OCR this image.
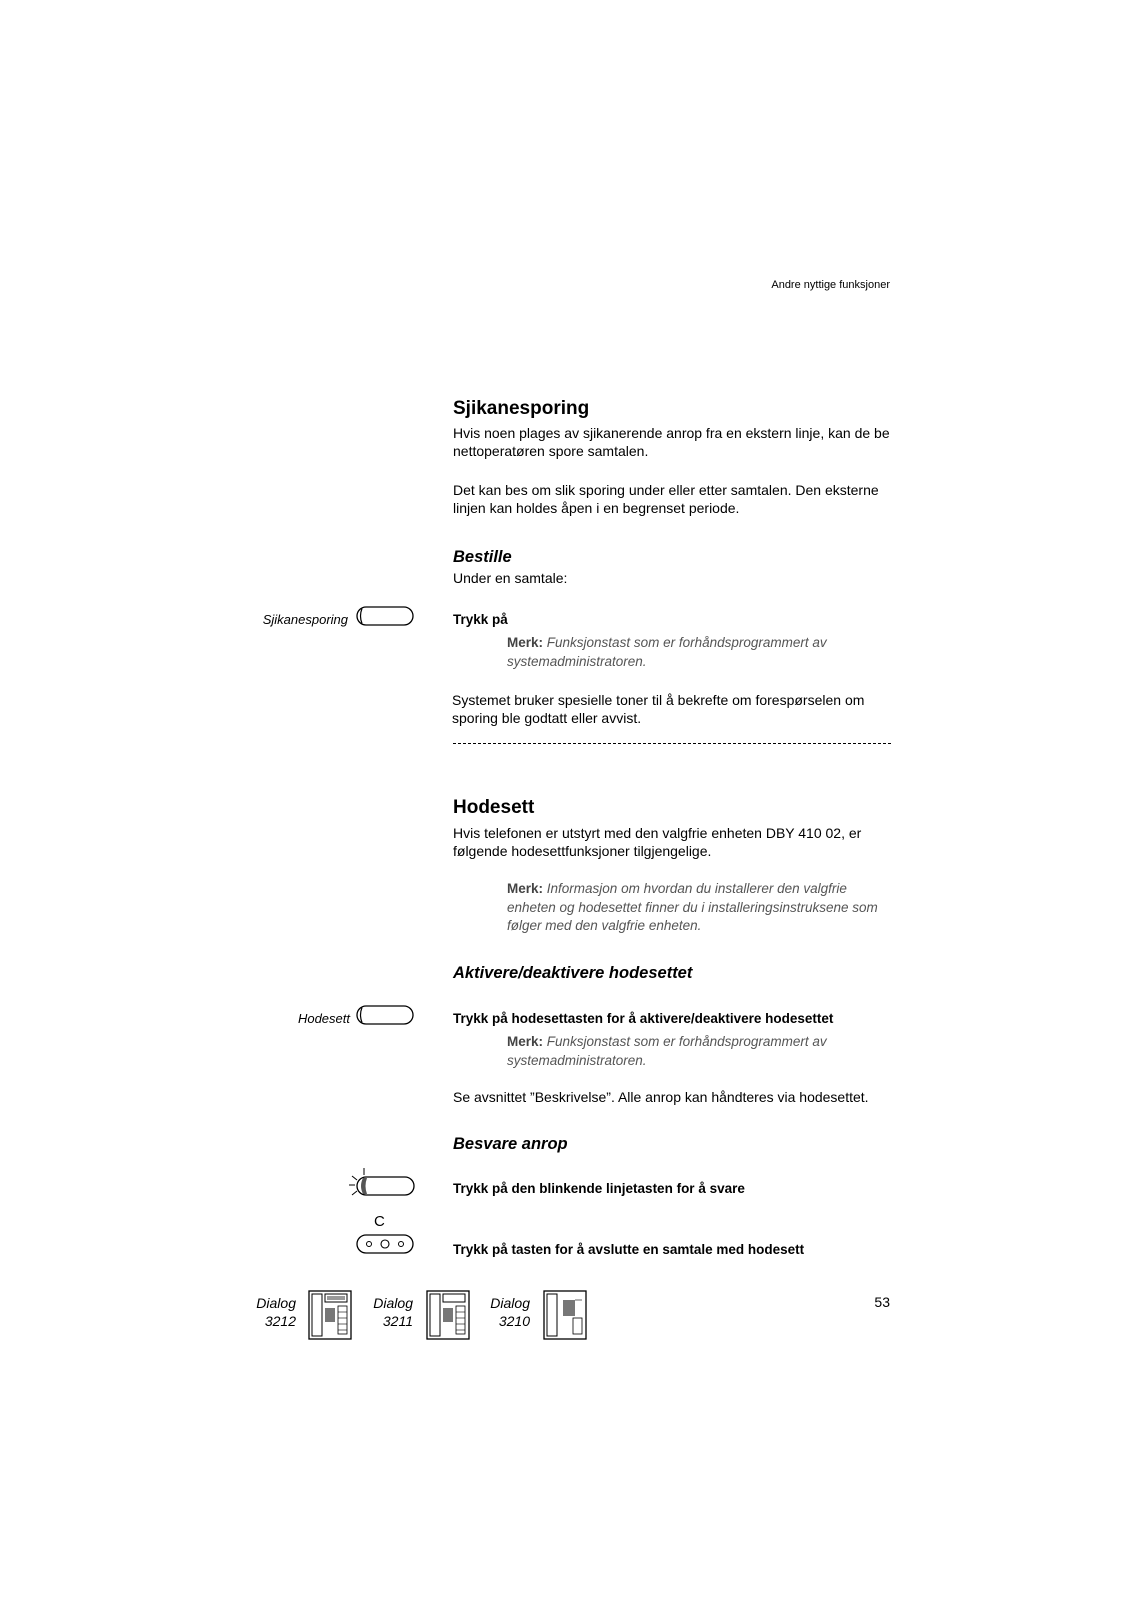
Andre nyttige funksjoner
Sjikanesporing

Hvis noen plages av sjikanerende anrop fra en ekstern linje, kan de be nettoperatøren spore samtalen.

Det kan bes om slik sporing under eller etter samtalen. Den eksterne linjen kan holdes åpen i en begrenset periode.

Bestille

Under en samtale:

Sjikanesporing	Trykk på
Merk: Funksjonstast som er forhåndsprogrammert av systemadministratoren.

Systemet bruker spesielle toner til å bekrefte om forespørselen om sporing ble godtatt eller avvist.

Hodesett

Hvis telefonen er utstyrt med den valgfrie enheten DBY 410 02, er følgende hodesettfunksjoner tilgjengelige.

Merk: Informasjon om hvordan du installerer den valgfrie enheten og hodesettet finner du i installeringsinstruksene som følger med den valgfrie enheten.
Aktivere/deaktivere hodesettet
Hodesett	Trykk på hodesettasten for å aktivere/deaktivere hodesettet
Merk: Funksjonstast som er forhåndsprogrammert av systemadministratoren.

Se avsnittet ”Beskrivelse”. Alle anrop kan håndteres via hodesettet.

Besvare anrop
Trykk på den blinkende linjetasten for å svare
C
Trykk på tasten for å avslutte en samtale med hodesett
Dialog
3212
Dialog
3211
Dialog
3210
53
